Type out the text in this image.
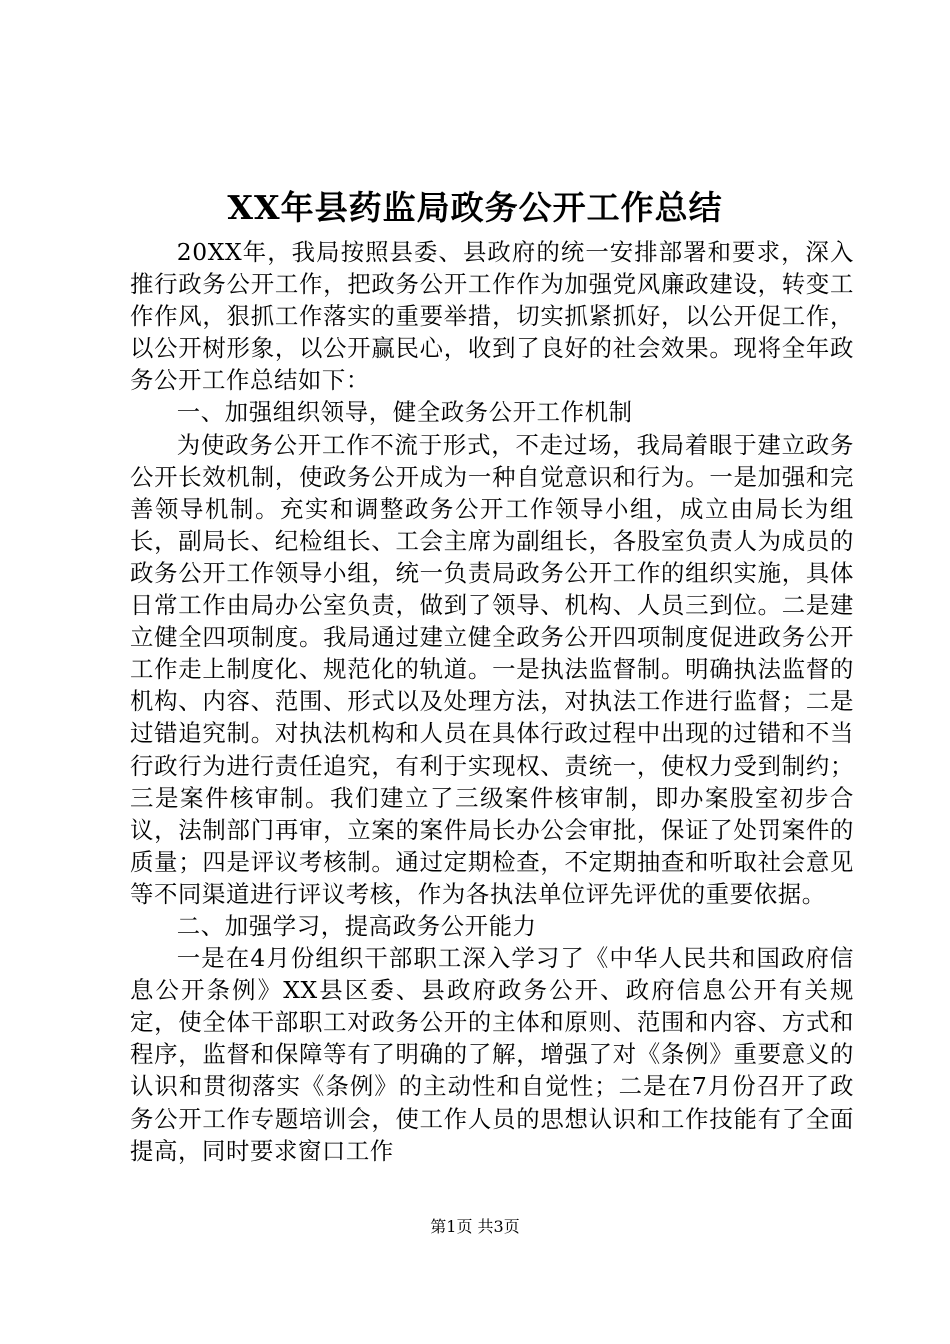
XX年县药监局政务公开工作总结

20XX年，我局按照县委、县政府的统一安排部署和要求，深入推行政务公开工作，把政务公开工作作为加强党风廉政建设，转变工作作风，狠抓工作落实的重要举措，切实抓紧抓好，以公开促工作，以公开树形象，以公开赢民心，收到了良好的社会效果。现将全年政务公开工作总结如下：

一、加强组织领导，健全政务公开工作机制

为使政务公开工作不流于形式，不走过场，我局着眼于建立政务公开长效机制，使政务公开成为一种自觉意识和行为。一是加强和完善领导机制。充实和调整政务公开工作领导小组，成立由局长为组长，副局长、纪检组长、工会主席为副组长，各股室负责人为成员的政务公开工作领导小组，统一负责局政务公开工作的组织实施，具体日常工作由局办公室负责，做到了领导、机构、人员三到位。二是建立健全四项制度。我局通过建立健全政务公开四项制度促进政务公开工作走上制度化、规范化的轨道。一是执法监督制。明确执法监督的机构、内容、范围、形式以及处理方法，对执法工作进行监督；二是过错追究制。对执法机构和人员在具体行政过程中出现的过错和不当行政行为进行责任追究，有利于实现权、责统一，使权力受到制约；三是案件核审制。我们建立了三级案件核审制，即办案股室初步合议，法制部门再审，立案的案件局长办公会审批，保证了处罚案件的质量；四是评议考核制。通过定期检查，不定期抽查和听取社会意见等不同渠道进行评议考核，作为各执法单位评先评优的重要依据。

二、加强学习，提高政务公开能力

一是在4月份组织干部职工深入学习了《中华人民共和国政府信息公开条例》XX县区委、县政府政务公开、政府信息公开有关规定，使全体干部职工对政务公开的主体和原则、范围和内容、方式和程序，监督和保障等有了明确的了解，增强了对《条例》重要意义的认识和贯彻落实《条例》的主动性和自觉性；二是在7月份召开了政务公开工作专题培训会，使工作人员的思想认识和工作技能有了全面提高，同时要求窗口工作

第1页 共3页
